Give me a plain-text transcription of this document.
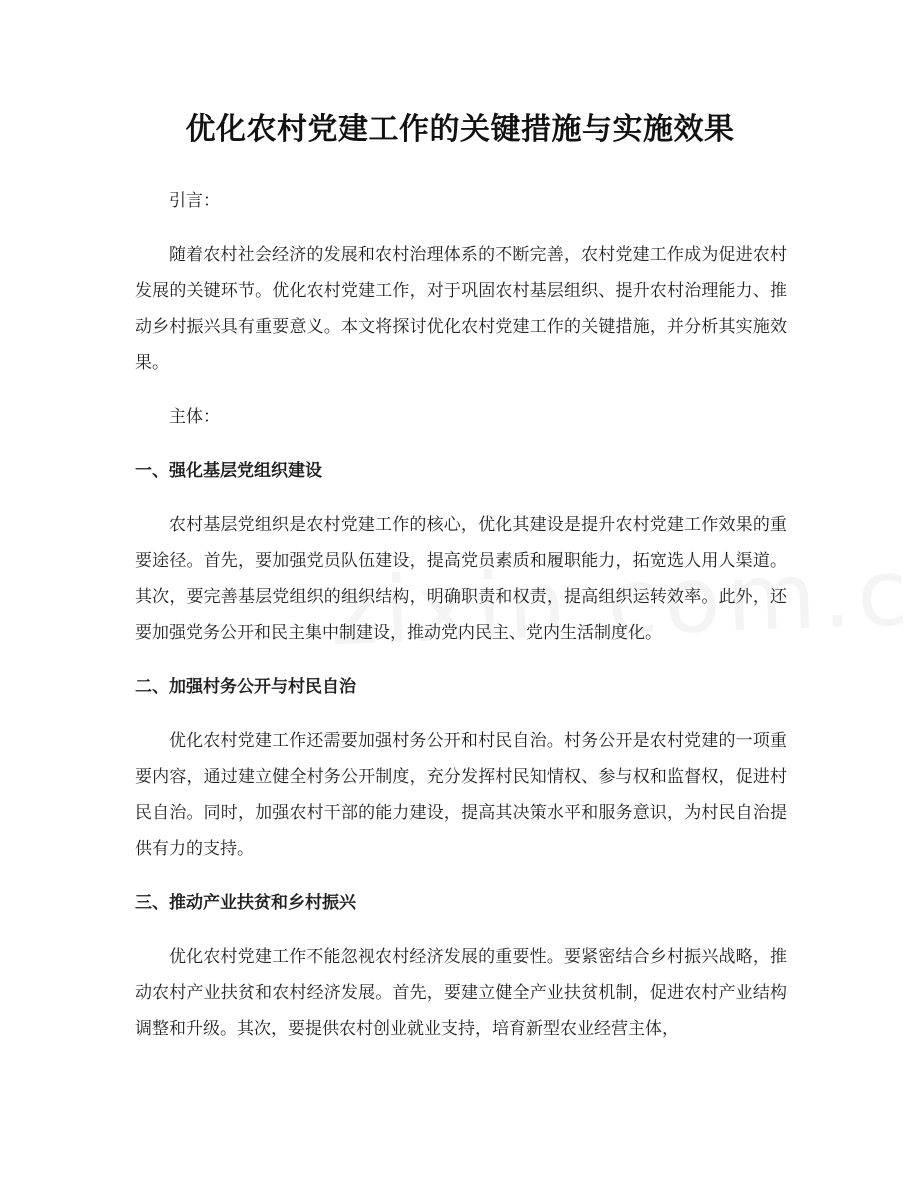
优化农村党建工作的关键措施与实施效果

引言：

随着农村社会经济的发展和农村治理体系的不断完善，农村党建工作成为促进农村发展的关键环节。优化农村党建工作，对于巩固农村基层组织、提升农村治理能力、推动乡村振兴具有重要意义。本文将探讨优化农村党建工作的关键措施，并分析其实施效果。

主体：

一、强化基层党组织建设

农村基层党组织是农村党建工作的核心，优化其建设是提升农村党建工作效果的重要途径。首先，要加强党员队伍建设，提高党员素质和履职能力，拓宽选人用人渠道。其次，要完善基层党组织的组织结构，明确职责和权责，提高组织运转效率。此外，还要加强党务公开和民主集中制建设，推动党内民主、党内生活制度化。

二、加强村务公开与村民自治

优化农村党建工作还需要加强村务公开和村民自治。村务公开是农村党建的一项重要内容，通过建立健全村务公开制度，充分发挥村民知情权、参与权和监督权，促进村民自治。同时，加强农村干部的能力建设，提高其决策水平和服务意识，为村民自治提供有力的支持。

三、推动产业扶贫和乡村振兴

优化农村党建工作不能忽视农村经济发展的重要性。要紧密结合乡村振兴战略，推动农村产业扶贫和农村经济发展。首先，要建立健全产业扶贫机制，促进农村产业结构调整和升级。其次，要提供农村创业就业支持，培育新型农业经营主体，
